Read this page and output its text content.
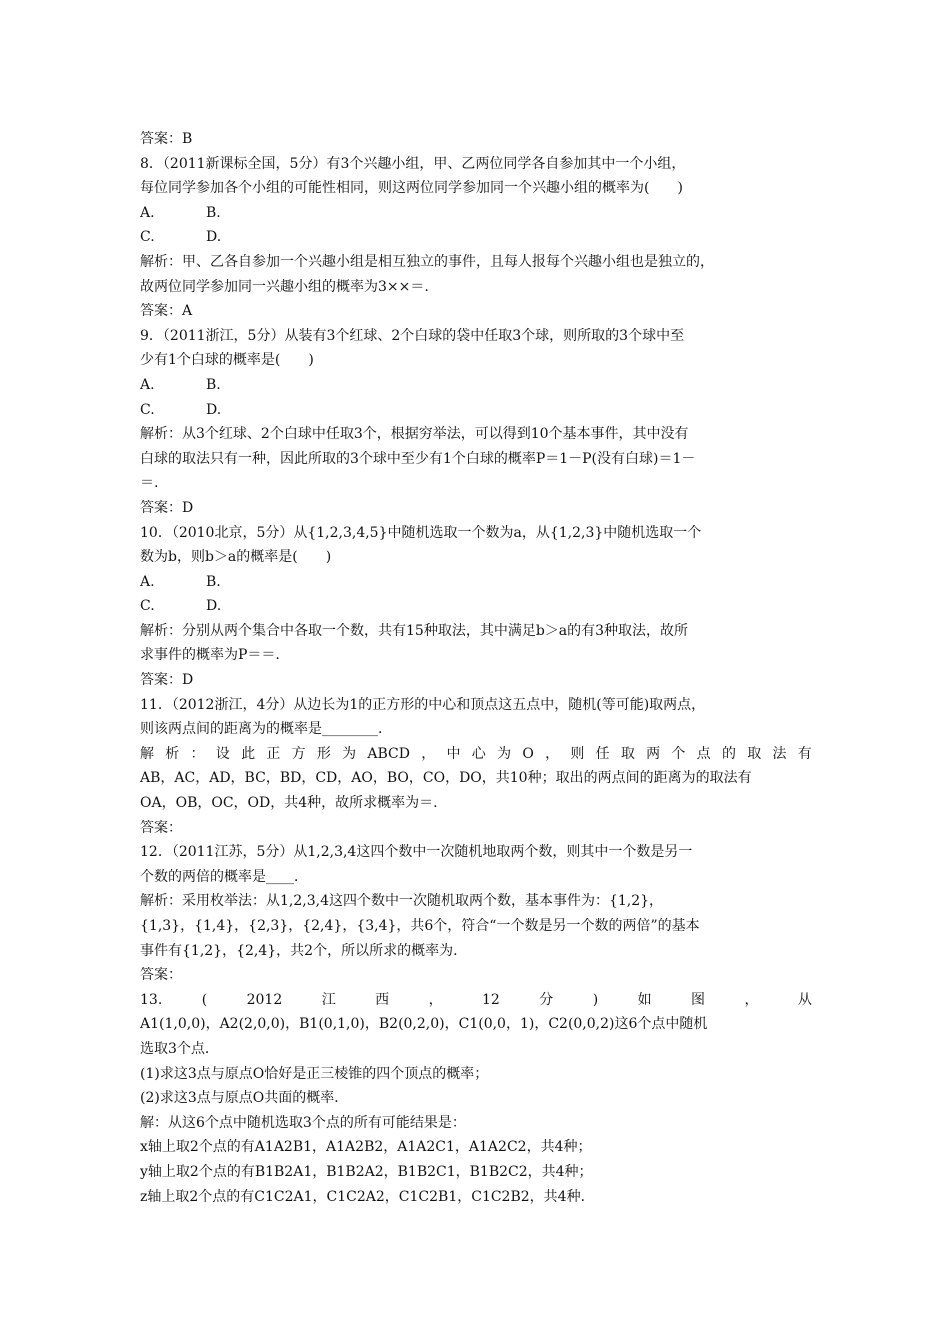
答案：B
8．（2011新课标全国，5分）有3个兴趣小组，甲、乙两位同学各自参加其中一个小组，
每位同学参加各个小组的可能性相同，则这两位同学参加同一个兴趣小组的概率为(　　)
A.	B.
C.	D.
解析：甲、乙各自参加一个兴趣小组是相互独立的事件，且每人报每个兴趣小组也是独立的，
故两位同学参加同一兴趣小组的概率为3××＝.
答案：A
9．（2011浙江，5分）从装有3个红球、2个白球的袋中任取3个球，则所取的3个球中至
少有1个白球的概率是(　　)
A.	B.
C.	D.
解析：从3个红球、2个白球中任取3个，根据穷举法，可以得到10个基本事件，其中没有
白球的取法只有一种，因此所取的3个球中至少有1个白球的概率P＝1－P(没有白球)＝1－
＝.
答案：D
10．（2010北京，5分）从{1,2,3,4,5}中随机选取一个数为a，从{1,2,3}中随机选取一个
数为b，则b＞a的概率是(　　)
A.	B.
C.	D.
解析：分别从两个集合中各取一个数，共有15种取法，其中满足b＞a的有3种取法，故所
求事件的概率为P＝＝.
答案：D
11．（2012浙江，4分）从边长为1的正方形的中心和顶点这五点中，随机(等可能)取两点，
则该两点间的距离为的概率是________．
解 析 ： 设 此 正 方 形 为 ABCD ， 中 心 为 O ， 则 任 取 两 个 点 的 取 法 有
AB，AC，AD，BC，BD，CD，AO，BO，CO，DO，共10种；取出的两点间的距离为的取法有
OA，OB，OC，OD，共4种，故所求概率为＝.
答案：
12．（2011江苏，5分）从1,2,3,4这四个数中一次随机地取两个数，则其中一个数是另一
个数的两倍的概率是____．
解析：采用枚举法：从1,2,3,4这四个数中一次随机取两个数，基本事件为：{1,2}，
{1,3}，{1,4}，{2,3}，{2,4}，{3,4}，共6个，符合“一个数是另一个数的两倍”的基本
事件有{1,2}，{2,4}，共2个，所以所求的概率为.
答案：
13.	(	2012	江	西	，	12	分	)	如	图	，	从
A1(1,0,0)，A2(2,0,0)，B1(0,1,0)，B2(0,2,0)，C1(0,0，1)，C2(0,0,2)这6个点中随机
选取3个点．
(1)求这3点与原点O恰好是正三棱锥的四个顶点的概率；
(2)求这3点与原点O共面的概率．
解：从这6个点中随机选取3个点的所有可能结果是：
x轴上取2个点的有A1A2B1，A1A2B2，A1A2C1，A1A2C2，共4种；
y轴上取2个点的有B1B2A1，B1B2A2，B1B2C1，B1B2C2，共4种；
z轴上取2个点的有C1C2A1，C1C2A2，C1C2B1，C1C2B2，共4种．
